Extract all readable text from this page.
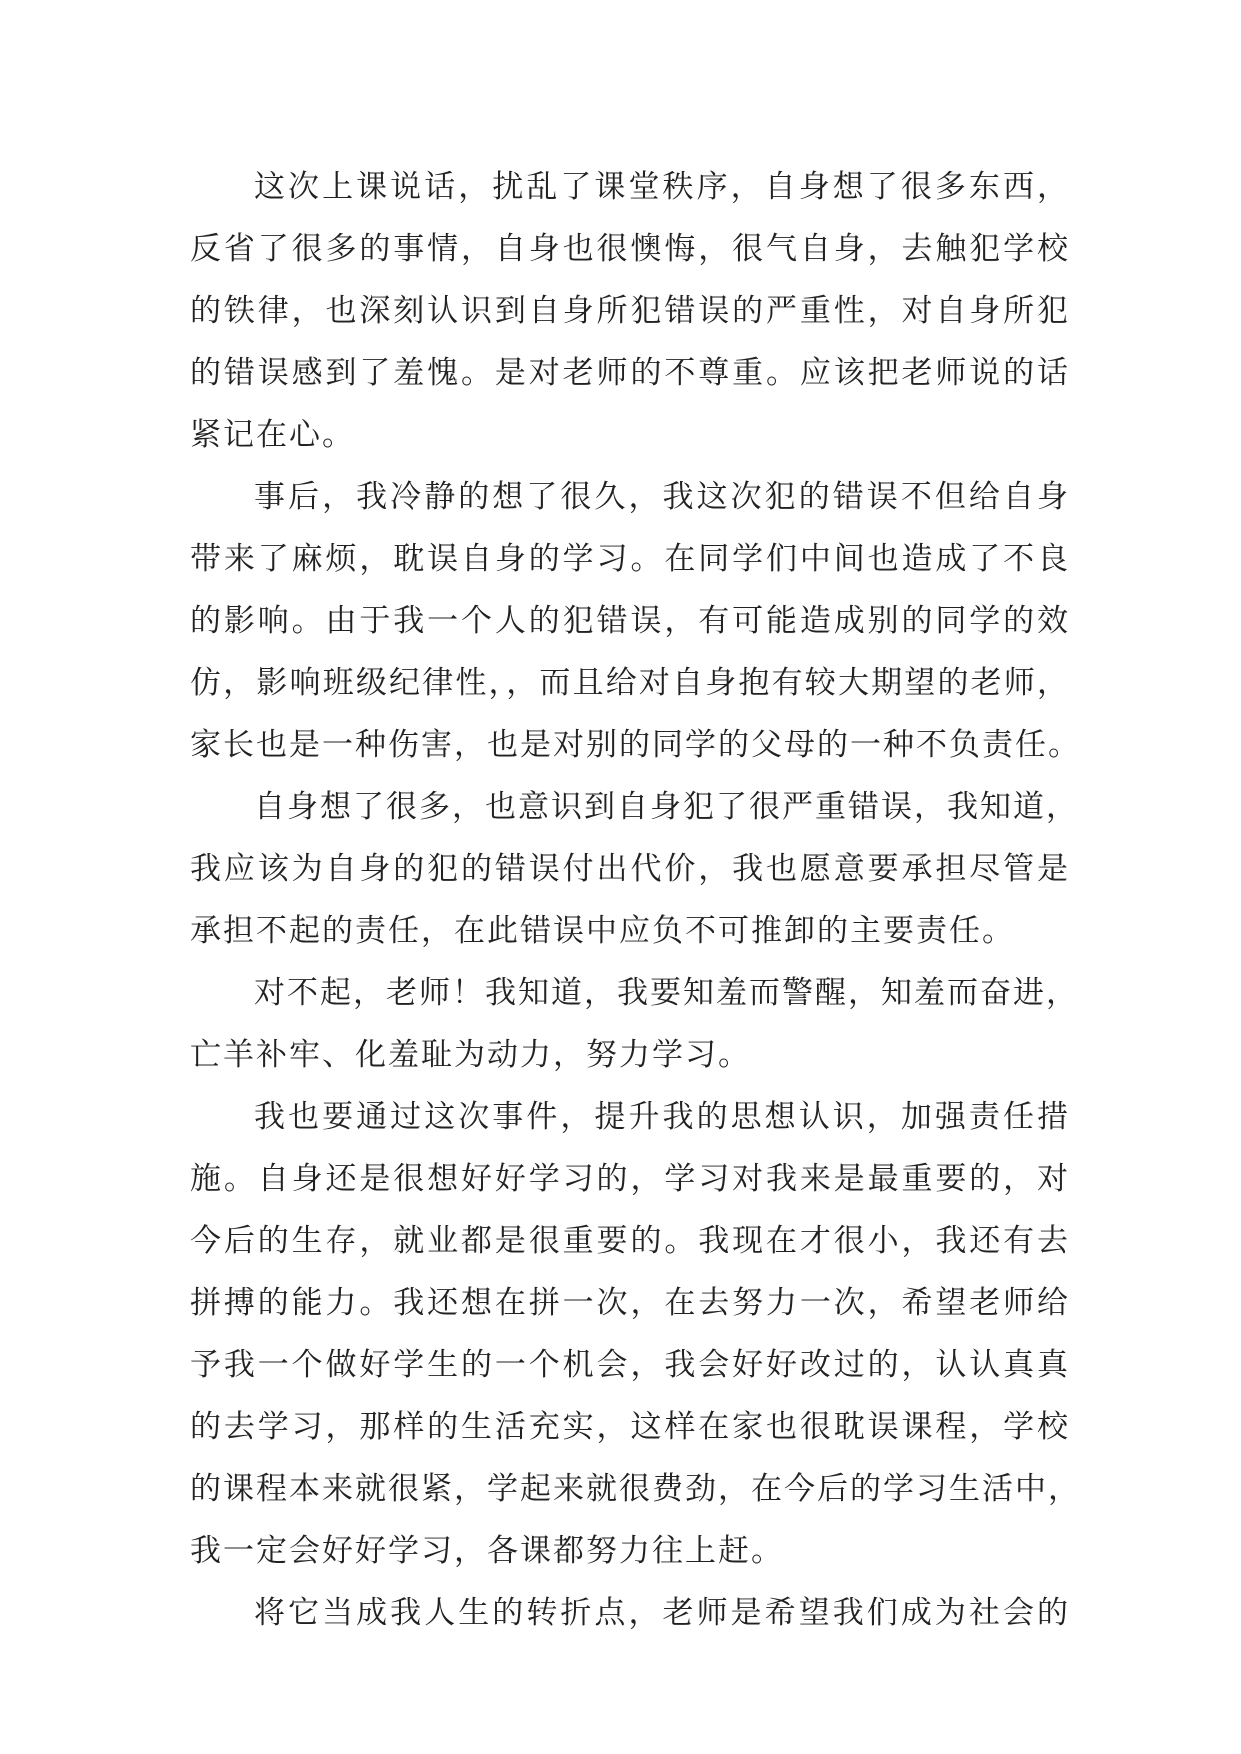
这次上课说话，扰乱了课堂秩序，自身想了很多东西，
反省了很多的事情，自身也很懊悔，很气自身，去触犯学校
的铁律，也深刻认识到自身所犯错误的严重性，对自身所犯
的错误感到了羞愧。是对老师的不尊重。应该把老师说的话
紧记在心。
事后，我冷静的想了很久，我这次犯的错误不但给自身
带来了麻烦，耽误自身的学习。在同学们中间也造成了不良
的影响。由于我一个人的犯错误，有可能造成别的同学的效
仿，影响班级纪律性，，而且给对自身抱有较大期望的老师，
家长也是一种伤害，也是对别的同学的父母的一种不负责任。
自身想了很多，也意识到自身犯了很严重错误，我知道，
我应该为自身的犯的错误付出代价，我也愿意要承担尽管是
承担不起的责任，在此错误中应负不可推卸的主要责任。
对不起，老师！我知道，我要知羞而警醒，知羞而奋进，
亡羊补牢、化羞耻为动力，努力学习。
我也要通过这次事件，提升我的思想认识，加强责任措
施。自身还是很想好好学习的，学习对我来是最重要的，对
今后的生存，就业都是很重要的。我现在才很小，我还有去
拼搏的能力。我还想在拼一次，在去努力一次，希望老师给
予我一个做好学生的一个机会，我会好好改过的，认认真真
的去学习，那样的生活充实，这样在家也很耽误课程，学校
的课程本来就很紧，学起来就很费劲，在今后的学习生活中，
我一定会好好学习，各课都努力往上赶。
将它当成我人生的转折点，老师是希望我们成为社会的
